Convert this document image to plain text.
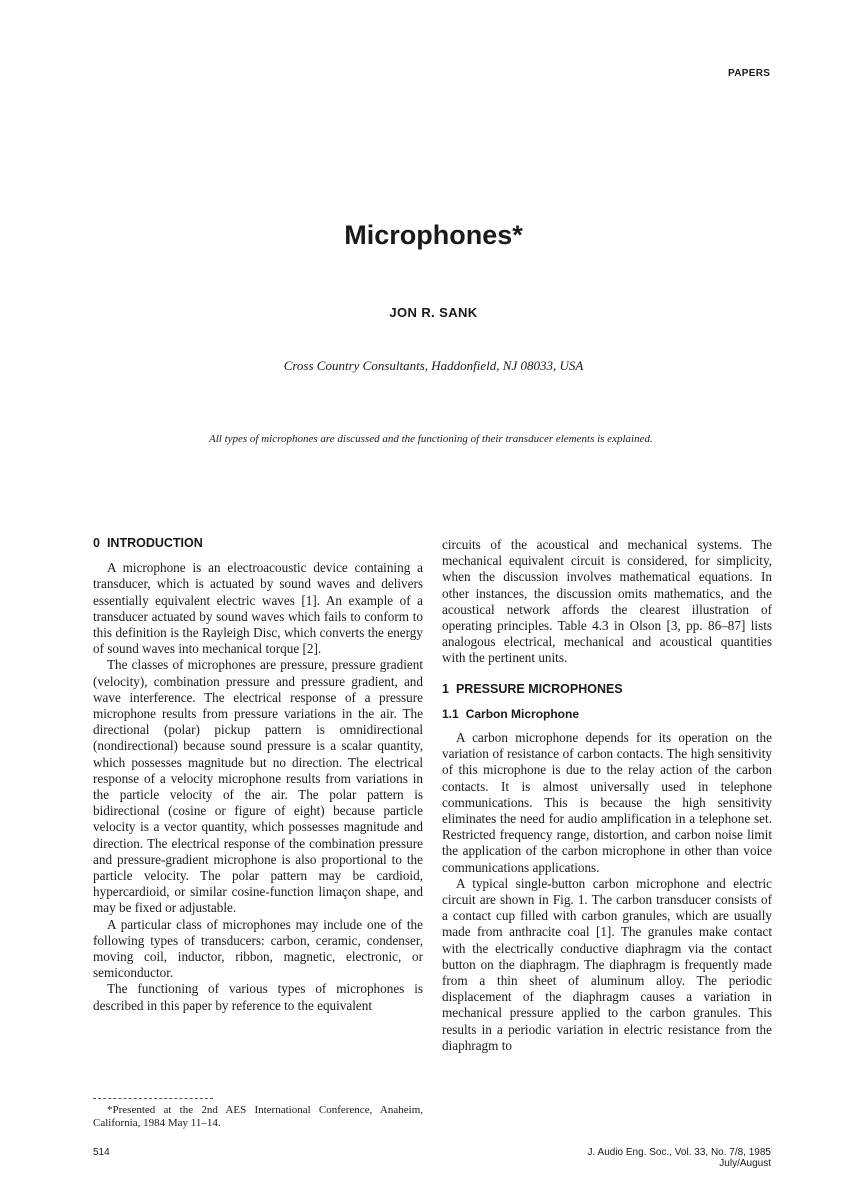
PAPERS
Microphones*
JON R. SANK
Cross Country Consultants, Haddonfield, NJ 08033, USA
All types of microphones are discussed and the functioning of their transducer elements is explained.
0 INTRODUCTION

A microphone is an electroacoustic device containing a transducer, which is actuated by sound waves and delivers essentially equivalent electric waves [1]. An example of a transducer actuated by sound waves which fails to conform to this definition is the Rayleigh Disc, which converts the energy of sound waves into mechanical torque [2].

The classes of microphones are pressure, pressure gradient (velocity), combination pressure and pressure gradient, and wave interference. The electrical response of a pressure microphone results from pressure variations in the air. The directional (polar) pickup pattern is omnidirectional (nondirectional) because sound pressure is a scalar quantity, which possesses magnitude but no direction. The electrical response of a velocity microphone results from variations in the particle velocity of the air. The polar pattern is bidirectional (cosine or figure of eight) because particle velocity is a vector quantity, which possesses magnitude and direction. The electrical response of the combination pressure and pressure-gradient microphone is also proportional to the particle velocity. The polar pattern may be cardioid, hypercardioid, or similar cosine-function limaçon shape, and may be fixed or adjustable.

A particular class of microphones may include one of the following types of transducers: carbon, ceramic, condenser, moving coil, inductor, ribbon, magnetic, electronic, or semiconductor.

The functioning of various types of microphones is described in this paper by reference to the equivalent

*Presented at the 2nd AES International Conference, Anaheim, California, 1984 May 11–14.

circuits of the acoustical and mechanical systems. The mechanical equivalent circuit is considered, for simplicity, when the discussion involves mathematical equations. In other instances, the discussion omits mathematics, and the acoustical network affords the clearest illustration of operating principles. Table 4.3 in Olson [3, pp. 86–87] lists analogous electrical, mechanical and acoustical quantities with the pertinent units.

1 PRESSURE MICROPHONES
1.1 Carbon Microphone

A carbon microphone depends for its operation on the variation of resistance of carbon contacts. The high sensitivity of this microphone is due to the relay action of the carbon contacts. It is almost universally used in telephone communications. This is because the high sensitivity eliminates the need for audio amplification in a telephone set. Restricted frequency range, distortion, and carbon noise limit the application of the carbon microphone in other than voice communications applications.

A typical single-button carbon microphone and electric circuit are shown in Fig. 1. The carbon transducer consists of a contact cup filled with carbon granules, which are usually made from anthracite coal [1]. The granules make contact with the electrically conductive diaphragm via the contact button on the diaphragm. The diaphragm is frequently made from a thin sheet of aluminum alloy. The periodic displacement of the diaphragm causes a variation in mechanical pressure applied to the carbon granules. This results in a periodic variation in electric resistance from the diaphragm to

514	J. Audio Eng. Soc., Vol. 33, No. 7/8, 1985 July/August
